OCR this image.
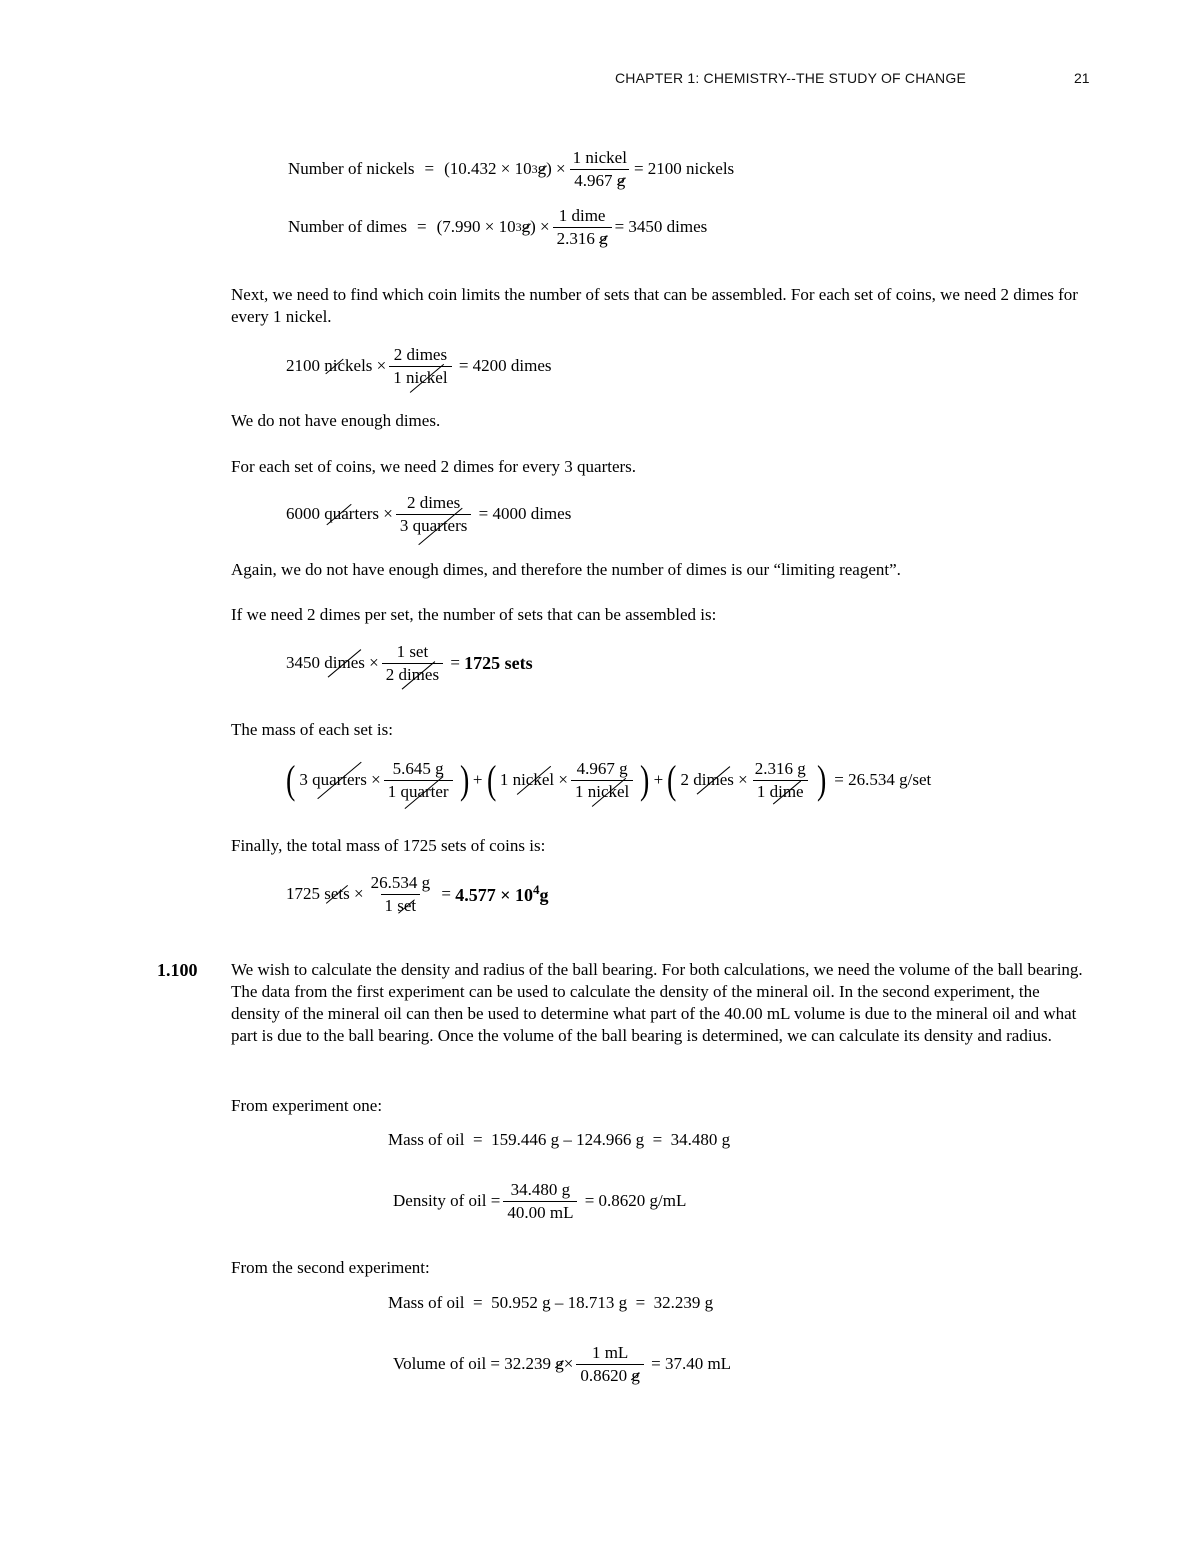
CHAPTER 1: CHEMISTRY--THE STUDY OF CHANGE	21
Number of nickels = (10.432 ×
10 3 g )
× $\frac{\text{1 nickel}}{4.967 g} = 2100$ nickels
Number of dimes = (7.990 ×
10 3 g )
× $\frac{\text{1 dime}}{2.316 g} = 3450$ dimes
Next, we need to find which coin limits the number of sets that can be assembled. For each set of coins, we need 2 dimes for every 1 nickel.
2100
nic kels
× $\frac{\text{2 dimes}}{\text{1 nickel}}$
= 4200 dimes
We do not have enough dimes.
For each set of coins, we need 2 dimes for every 3 quarters.
6000
quar ters
× $\frac{\text{2 dimes}}{\text{3 quarters}}$
= 4000 dimes
Again, we do not have enough dimes, and therefore the number of dimes is our “limiting reagent”.
If we need 2 dimes per set, the number of sets that can be assembled is:
3450
dimes
× $\frac{\text{1 set}}{\text{2 dimes}}$
=
1725 sets
The mass of each set is:
( 3
quarters
× $\frac{5.645 g}{\text{1 quarter}}$ ) + ( 1
nickel
× $\frac{4.967 g}{\text{1 nickel}}$ ) + ( 2
dimes
× $\frac{2.316 g}{\text{1 dime}}$ )
= 26.534 g/set
Finally, the total mass of 1725 sets of coins is:
1725
sets
× $\frac{26.534 g}{\text{1 set}}$
=
$4.577 \times 10^4g$
1.100 We wish to calculate the density and radius of the ball bearing. For both calculations, we need the volume of the ball bearing. The data from the first experiment can be used to calculate the density of the mineral oil. In the second experiment, the density of the mineral oil can then be used to determine what part of the 40.00 mL volume is due to the mineral oil and what part is due to the ball bearing. Once the volume of the ball bearing is determined, we can calculate its density and radius.
From experiment one:
Mass of oil  =  159.446 g – 124.966 g  =  34.480 g
Density of oil = $\frac{34.480 g}{40.00 mL}$
= 0.8620 g/mL
From the second experiment:
Mass of oil  =  50.952 g – 18.713 g  =  32.239 g
Volume of oil = 32.239
$g \times \frac{1 mL}{0.8620 g}$
= 37.40 mL
